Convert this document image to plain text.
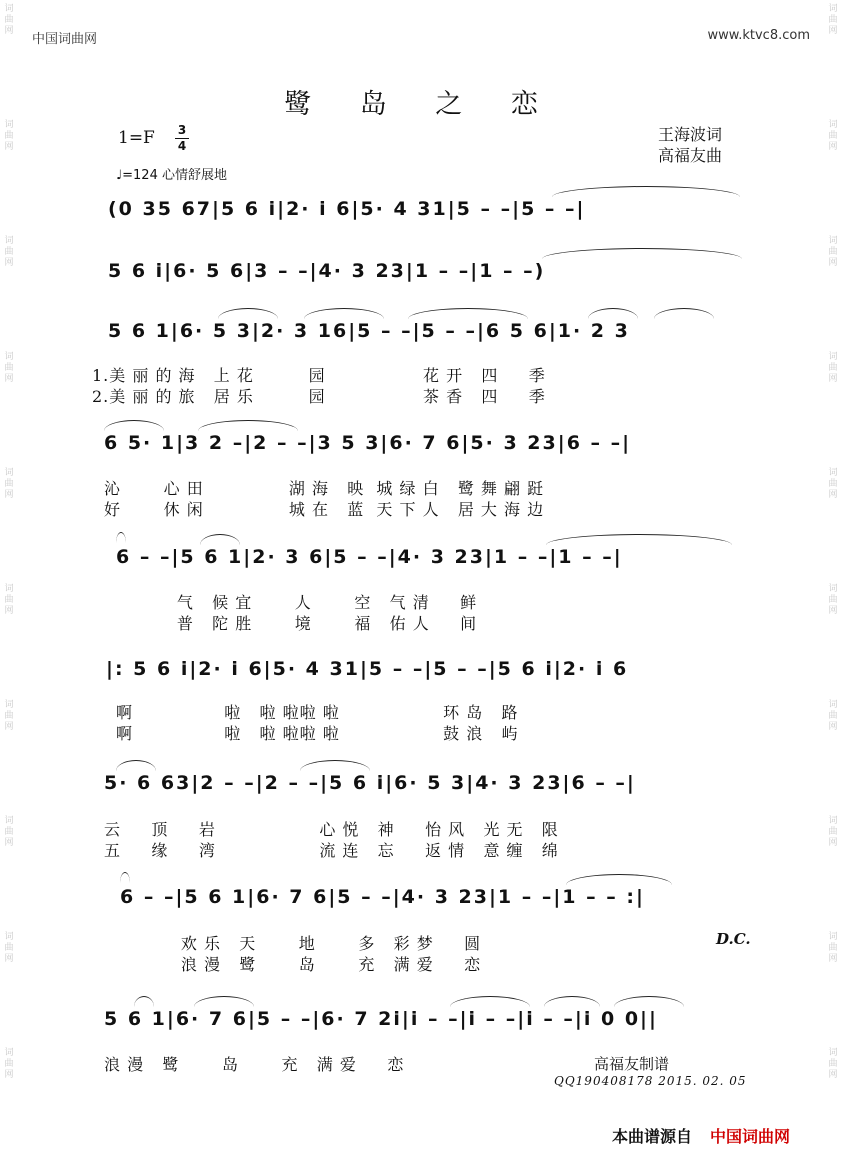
中国词曲网	www.ktvc8.com
词
曲
网
词
曲
网
词
曲
网
词
曲
网
词
曲
网
词
曲
网
词
曲
网
词
曲
网
词
曲
网
词
曲
网
词
曲
网
词
曲
网
词
曲
网
词
曲
网
词
曲
网
词
曲
网
词
曲
网
词
曲
网
词
曲
网
词
曲
网
鹭 岛 之 恋
1=F 3
4
♩=124 心情舒展地
王海波词
高福友曲
(0 35 67|5 6 i|2· i 6|5· 4 31|5 – –|5 – –|
5 6 i|6· 5 6|3 – –|4· 3 23|1 – –|1 – –)
5 6 1|6· 5 3|2· 3 16|5 – –|5 – –|6 5 6|1· 2 3
1.美 丽 的 海   上 花         园                花 开   四     季
2.美 丽 的 旅   居 乐         园                茶 香   四     季
6 5· 1|3 2 –|2 – –|3 5 3|6· 7 6|5· 3 23|6 – –|
沁       心 田              湖 海   映  城 绿 白   鹭 舞 翩 跹
好       休 闲              城 在   蓝  天 下 人   居 大 海 边
6 – –|5 6 1|2· 3 6|5 – –|4· 3 23|1 – –|1 – –|
气   候 宜       人       空   气 清     鲜
普   陀 胜       境       福   佑 人     间
|: 5 6 i|2· i 6|5· 4 31|5 – –|5 – –|5 6 i|2· i 6
啊               啦   啦 啦啦 啦                 环 岛   路
啊               啦   啦 啦啦 啦                 鼓 浪   屿
5· 6 63|2 – –|2 – –|5 6 i|6· 5 3|4· 3 23|6 – –|
云     顶     岩                 心 悦   神     怡 风   光 无   限
五     缘     湾                 流 连   忘     返 情   意 缠   绵
6 – –|5 6 1|6· 7 6|5 – –|4· 3 23|1 – –|1 – – :|
欢 乐   天       地       多   彩 梦     圆
浪 漫   鹭       岛       充   满 爱     恋
D.C.
5 6 1|6· 7 6|5 – –|6· 7 2i|i – –|i – –|i – –|i 0 0||
浪 漫   鹭       岛       充   满 爱     恋	高福友制谱
QQ190408178 2015. 02. 05
本曲谱源自 中国词曲网
